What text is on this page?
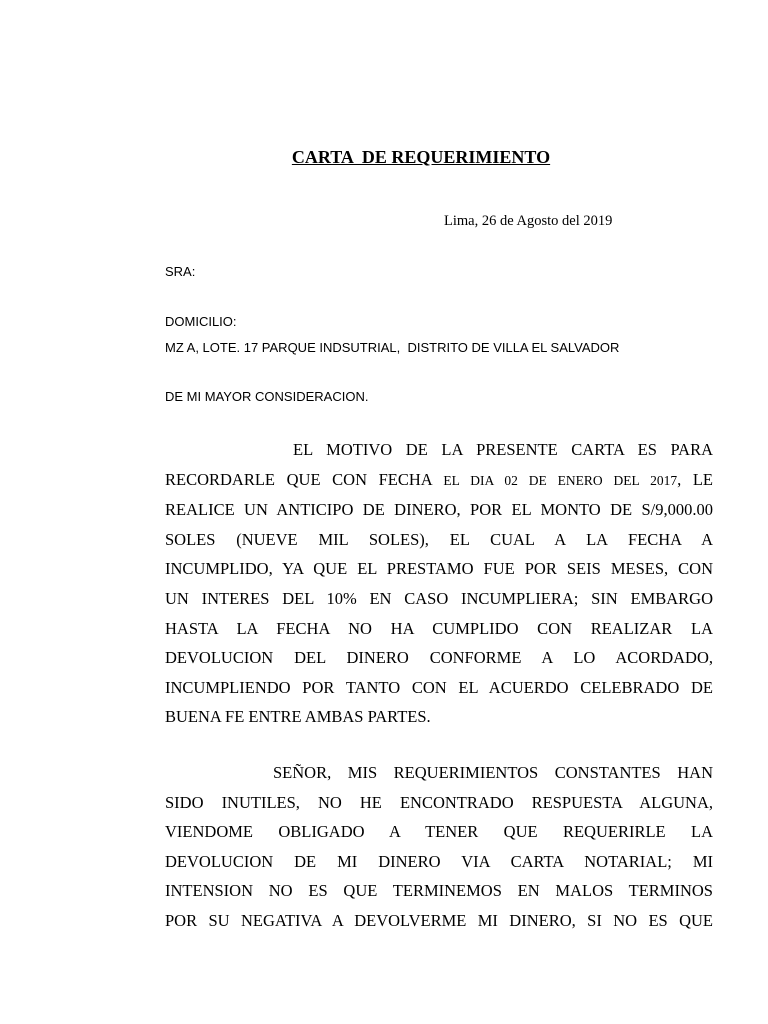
CARTA  DE REQUERIMIENTO
Lima, 26 de Agosto del 2019
SRA:
DOMICILIO:
MZ A, LOTE. 17 PARQUE INDSUTRIAL,  DISTRITO DE VILLA EL SALVADOR
DE MI MAYOR CONSIDERACION.
EL MOTIVO DE LA PRESENTE CARTA ES PARA
RECORDARLE QUE CON FECHA EL DIA 02 DE ENERO DEL 2017, LE
REALICE UN ANTICIPO DE DINERO, POR EL MONTO DE S/9,000.00
SOLES (NUEVE MIL SOLES), EL CUAL A LA FECHA A
INCUMPLIDO, YA QUE EL PRESTAMO FUE POR SEIS MESES, CON
UN INTERES DEL 10% EN CASO INCUMPLIERA; SIN EMBARGO
HASTA LA FECHA NO HA CUMPLIDO CON REALIZAR LA
DEVOLUCION DEL DINERO CONFORME A LO ACORDADO,
INCUMPLIENDO POR TANTO CON EL ACUERDO CELEBRADO DE
BUENA FE ENTRE AMBAS PARTES.
SEÑOR, MIS REQUERIMIENTOS CONSTANTES HAN
SIDO INUTILES, NO HE ENCONTRADO RESPUESTA ALGUNA,
VIENDOME OBLIGADO A TENER QUE REQUERIRLE LA
DEVOLUCION DE MI DINERO VIA CARTA NOTARIAL; MI
INTENSION NO ES QUE TERMINEMOS EN MALOS TERMINOS
POR SU NEGATIVA A DEVOLVERME MI DINERO, SI NO ES QUE
